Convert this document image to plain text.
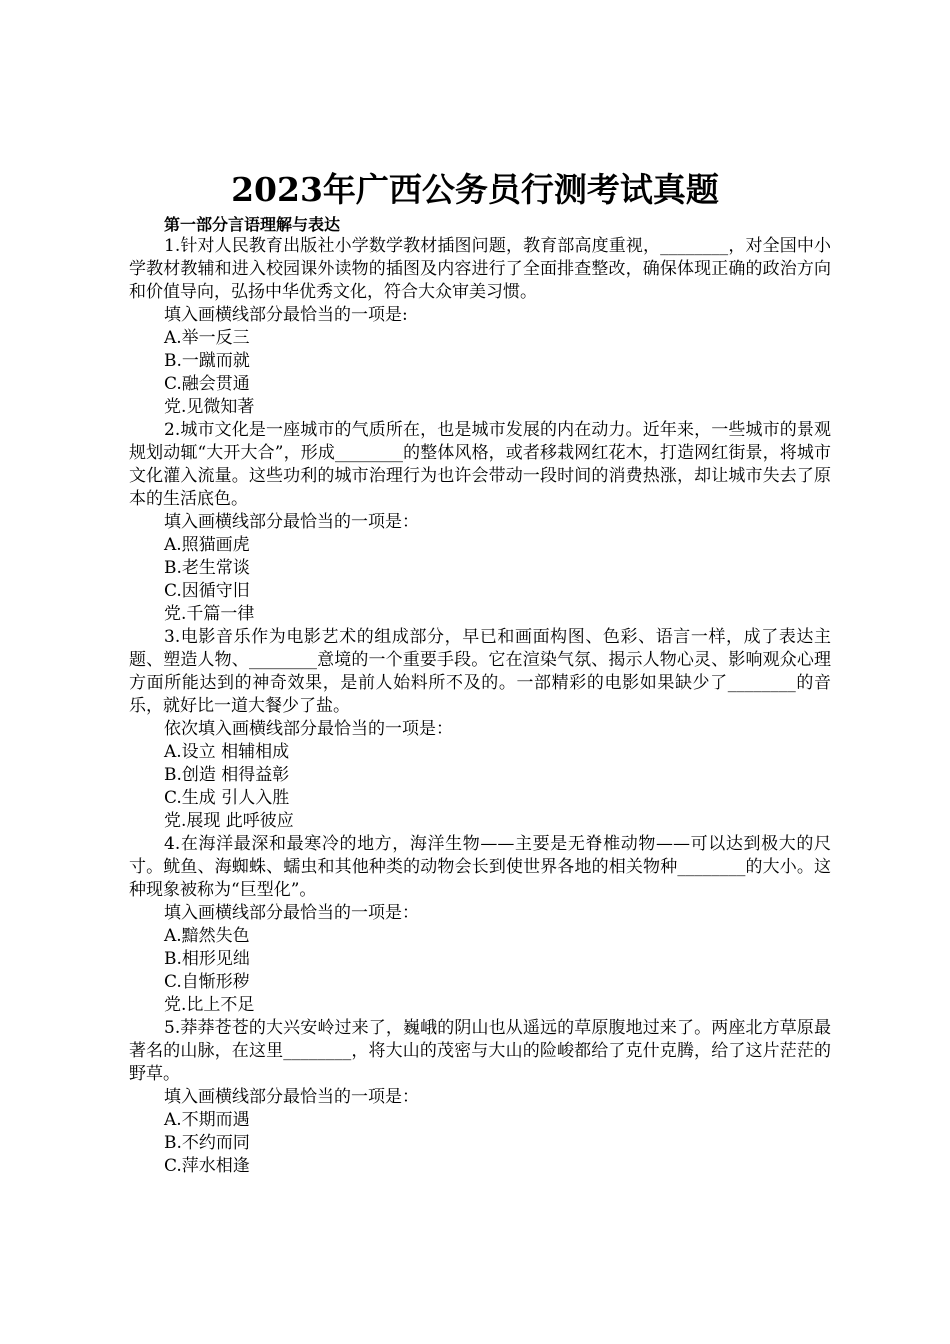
2023年广西公务员行测考试真题
第一部分言语理解与表达

1.针对人民教育出版社小学数学教材插图问题，教育部高度重视，________，对全国中小学教材教辅和进入校园课外读物的插图及内容进行了全面排查整改，确保体现正确的政治方向和价值导向，弘扬中华优秀文化，符合大众审美习惯。

填入画横线部分最恰当的一项是:

A.举一反三

B.一蹴而就

C.融会贯通

党.见微知著

2.城市文化是一座城市的气质所在，也是城市发展的内在动力。近年来，一些城市的景观规划动辄“大开大合”，形成________的整体风格，或者移栽网红花木，打造网红街景，将城市文化灌入流量。这些功利的城市治理行为也许会带动一段时间的消费热涨，却让城市失去了原本的生活底色。

填入画横线部分最恰当的一项是：

A.照猫画虎

B.老生常谈

C.因循守旧

党.千篇一律

3.电影音乐作为电影艺术的组成部分，早已和画面构图、色彩、语言一样，成了表达主题、塑造人物、________意境的一个重要手段。它在渲染气氛、揭示人物心灵、影响观众心理方面所能达到的神奇效果，是前人始料所不及的。一部精彩的电影如果缺少了________的音乐，就好比一道大餐少了盐。

依次填入画横线部分最恰当的一项是：

A.设立 相辅相成

B.创造 相得益彰

C.生成 引人入胜

党.展现 此呼彼应

4.在海洋最深和最寒冷的地方，海洋生物——主要是无脊椎动物——可以达到极大的尺寸。鱿鱼、海蜘蛛、蠕虫和其他种类的动物会长到使世界各地的相关物种________的大小。这种现象被称为“巨型化”。

填入画横线部分最恰当的一项是：

A.黯然失色

B.相形见绌

C.自惭形秽

党.比上不足

5.莽莽苍苍的大兴安岭过来了，巍峨的阴山也从遥远的草原腹地过来了。两座北方草原最著名的山脉，在这里________，将大山的茂密与大山的险峻都给了克什克腾，给了这片茫茫的野草。

填入画横线部分最恰当的一项是：

A.不期而遇

B.不约而同

C.萍水相逢
